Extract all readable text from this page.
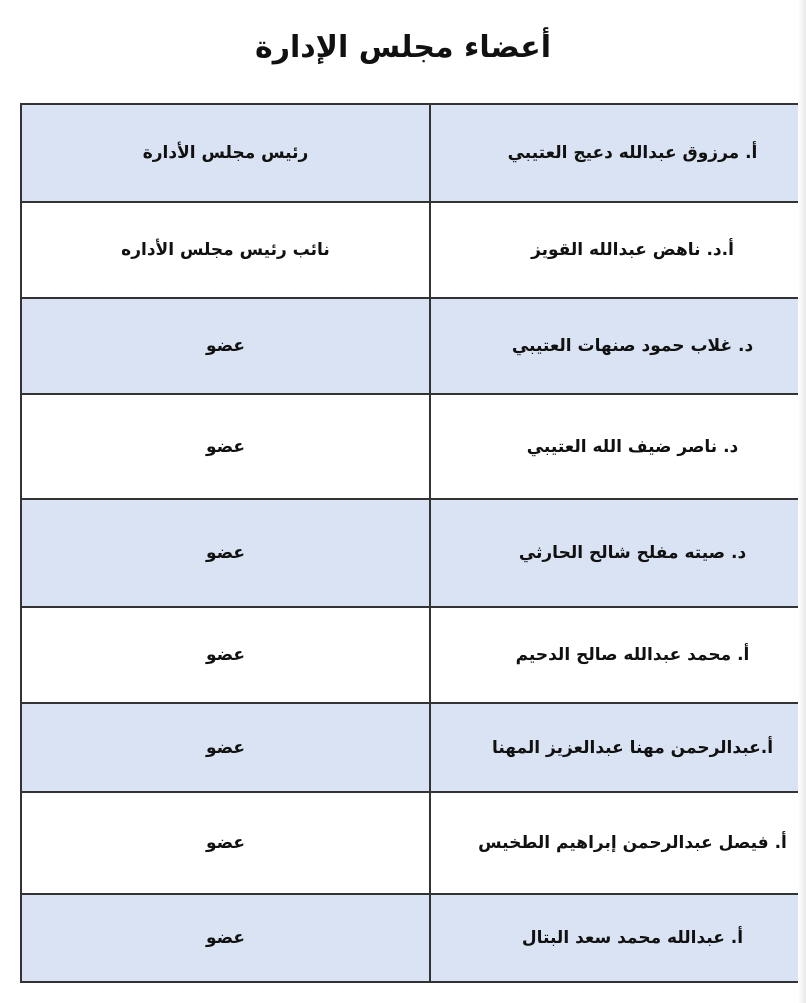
أعضاء مجلس الإدارة
أ. مرزوق عبدالله دعيج العتيبي	رئيس مجلس الأدارة
أ.د. ناهض عبدالله القويز	نائب رئيس مجلس الأداره
د. غلاب حمود صنهات العتيبي	عضو
د. ناصر ضيف الله العتيبي	عضو
د. صيته مفلح شالح الحارثي	عضو
أ. محمد عبدالله صالح الدحيم	عضو
أ.عبدالرحمن مهنا عبدالعزيز المهنا	عضو
أ. فيصل عبدالرحمن إبراهيم الطخيس	عضو
أ. عبدالله محمد سعد البتال	عضو
